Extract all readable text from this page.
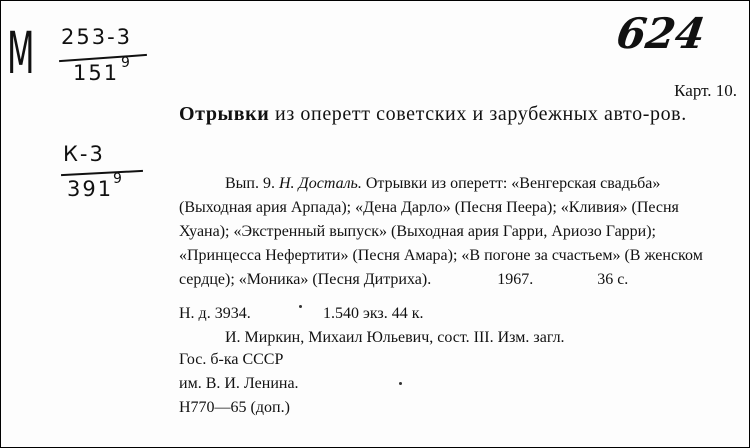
М 253-3
151 9
К-3
391 9
624
Карт. 10.
Отрывки из оперетт советских и зарубежных авто-ров.
Вып. 9. Н. Досталь. Отрывки из оперетт: «Венгерская свадьба» (Выходная ария Арпада); «Дена Дарло» (Песня Пеера); «Кливия» (Песня Хуана); «Экстренный выпуск» (Выходная ария Гарри, Ариозо Гарри); «Принцесса Нефертити» (Песня Амара); «В погоне за счастьем» (В женском сердце); «Моника» (Песня Дитриха).	1967.	36 с.
Н. д. 3934.	1.540 экз. 44 к.
И. Миркин, Михаил Юльевич, сост. III. Изм. загл.
Гос. б-ка СССР
им. В. И. Ленина.
Н770—65 (доп.)
